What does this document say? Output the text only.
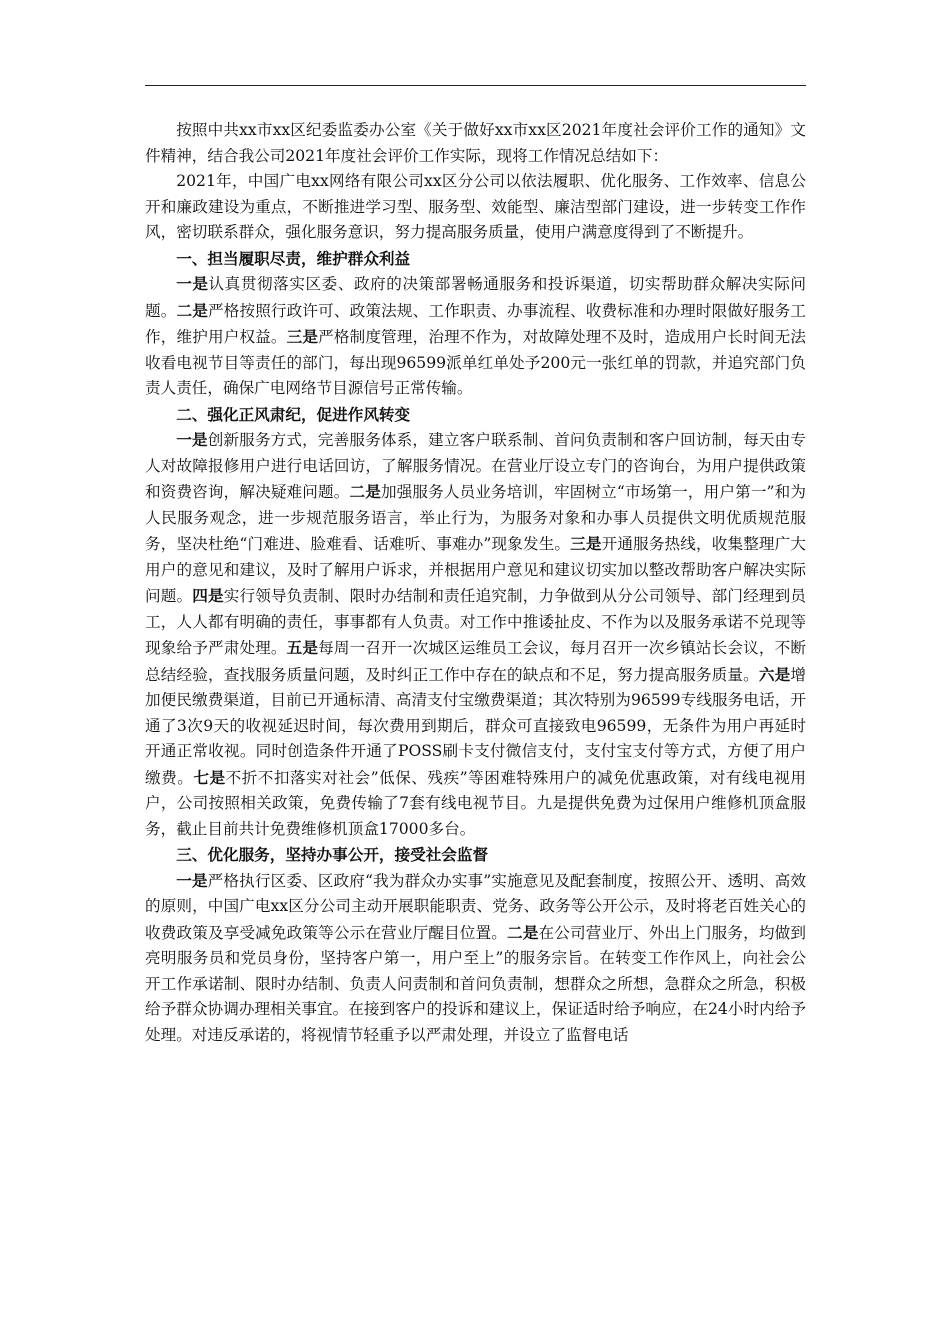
按照中共xx市xx区纪委监委办公室《关于做好xx市xx区2021年度社会评价工作的通知》文件精神，结合我公司2021年度社会评价工作实际，现将工作情况总结如下：

2021年，中国广电xx网络有限公司xx区分公司以依法履职、优化服务、工作效率、信息公开和廉政建设为重点，不断推进学习型、服务型、效能型、廉洁型部门建设，进一步转变工作作风，密切联系群众，强化服务意识，努力提高服务质量，使用户满意度得到了不断提升。

一、担当履职尽责，维护群众利益

一是认真贯彻落实区委、政府的决策部署畅通服务和投诉渠道，切实帮助群众解决实际问题。二是严格按照行政许可、政策法规、工作职责、办事流程、收费标准和办理时限做好服务工作，维护用户权益。三是严格制度管理，治理不作为，对故障处理不及时，造成用户长时间无法收看电视节目等责任的部门，每出现96599派单红单处予200元一张红单的罚款，并追究部门负责人责任，确保广电网络节目源信号正常传输。

二、强化正风肃纪，促进作风转变

一是创新服务方式，完善服务体系，建立客户联系制、首问负责制和客户回访制，每天由专人对故障报修用户进行电话回访，了解服务情况。在营业厅设立专门的咨询台，为用户提供政策和资费咨询，解决疑难问题。二是加强服务人员业务培训，牢固树立“市场第一，用户第一”和为人民服务观念，进一步规范服务语言，举止行为，为服务对象和办事人员提供文明优质规范服务，坚决杜绝“门难进、脸难看、话难听、事难办”现象发生。三是开通服务热线，收集整理广大用户的意见和建议，及时了解用户诉求，并根据用户意见和建议切实加以整改帮助客户解决实际问题。四是实行领导负责制、限时办结制和责任追究制，力争做到从分公司领导、部门经理到员工，人人都有明确的责任，事事都有人负责。对工作中推诿扯皮、不作为以及服务承诺不兑现等现象给予严肃处理。五是每周一召开一次城区运维员工会议，每月召开一次乡镇站长会议，不断总结经验，查找服务质量问题，及时纠正工作中存在的缺点和不足，努力提高服务质量。六是增加便民缴费渠道，目前已开通标清、高清支付宝缴费渠道；其次特别为96599专线服务电话，开通了3次9天的收视延迟时间，每次费用到期后，群众可直接致电96599，无条件为用户再延时开通正常收视。同时创造条件开通了POSS刷卡支付微信支付，支付宝支付等方式，方便了用户缴费。七是不折不扣落实对社会”低保、残疾”等困难特殊用户的减免优惠政策，对有线电视用户，公司按照相关政策，免费传输了7套有线电视节目。九是提供免费为过保用户维修机顶盒服务，截止目前共计免费维修机顶盒17000多台。

三、优化服务，坚持办事公开，接受社会监督

一是严格执行区委、区政府“我为群众办实事”实施意见及配套制度，按照公开、透明、高效的原则，中国广电xx区分公司主动开展职能职责、党务、政务等公开公示，及时将老百姓关心的收费政策及享受减免政策等公示在营业厅醒目位置。二是在公司营业厅、外出上门服务，均做到亮明服务员和党员身份，坚持客户第一，用户至上”的服务宗旨。在转变工作作风上，向社会公开工作承诺制、限时办结制、负责人问责制和首问负责制，想群众之所想，急群众之所急，积极给予群众协调办理相关事宜。在接到客户的投诉和建议上，保证适时给予响应，在24小时内给予处理。对违反承诺的，将视情节轻重予以严肃处理，并设立了监督电话
